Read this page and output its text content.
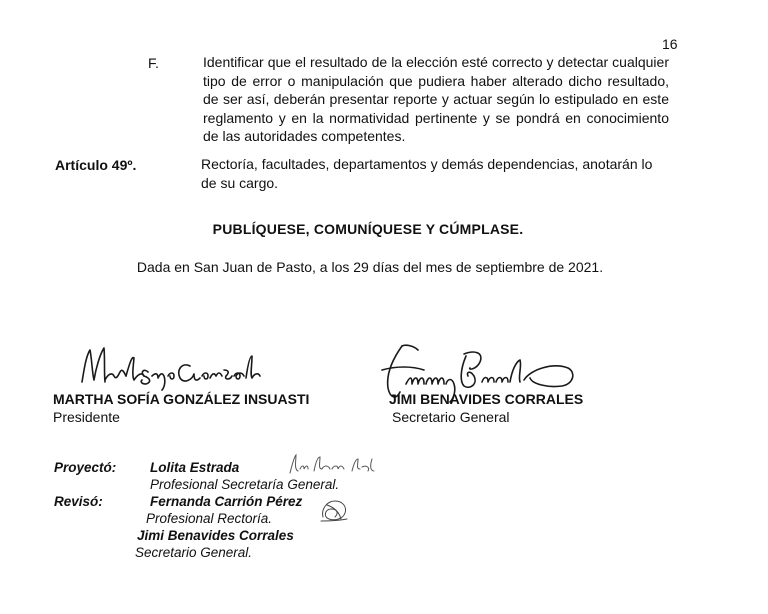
16
F.	Identificar que el resultado de la elección esté correcto y detectar cualquier tipo de error o manipulación que pudiera haber alterado dicho resultado, de ser así, deberán presentar reporte y actuar según lo estipulado en este reglamento y en la normatividad pertinente y se pondrá en conocimiento de las autoridades competentes.
Artículo 49º.	Rectoría, facultades, departamentos y demás dependencias, anotarán lo de su cargo.
PUBLÍQUESE, COMUNÍQUESE Y CÚMPLASE.
Dada en San Juan de Pasto, a los 29 días del mes de septiembre de 2021.
MARTHA SOFÍA GONZÁLEZ INSUASTI
Presidente
JIMI BENAVIDES CORRALES
Secretario General
Proyectó: Lolita Estrada
Profesional Secretaría General.
Revisó:	Fernanda Carrión Pérez
Profesional Rectoría.
Jimi Benavides Corrales
Secretario General.
